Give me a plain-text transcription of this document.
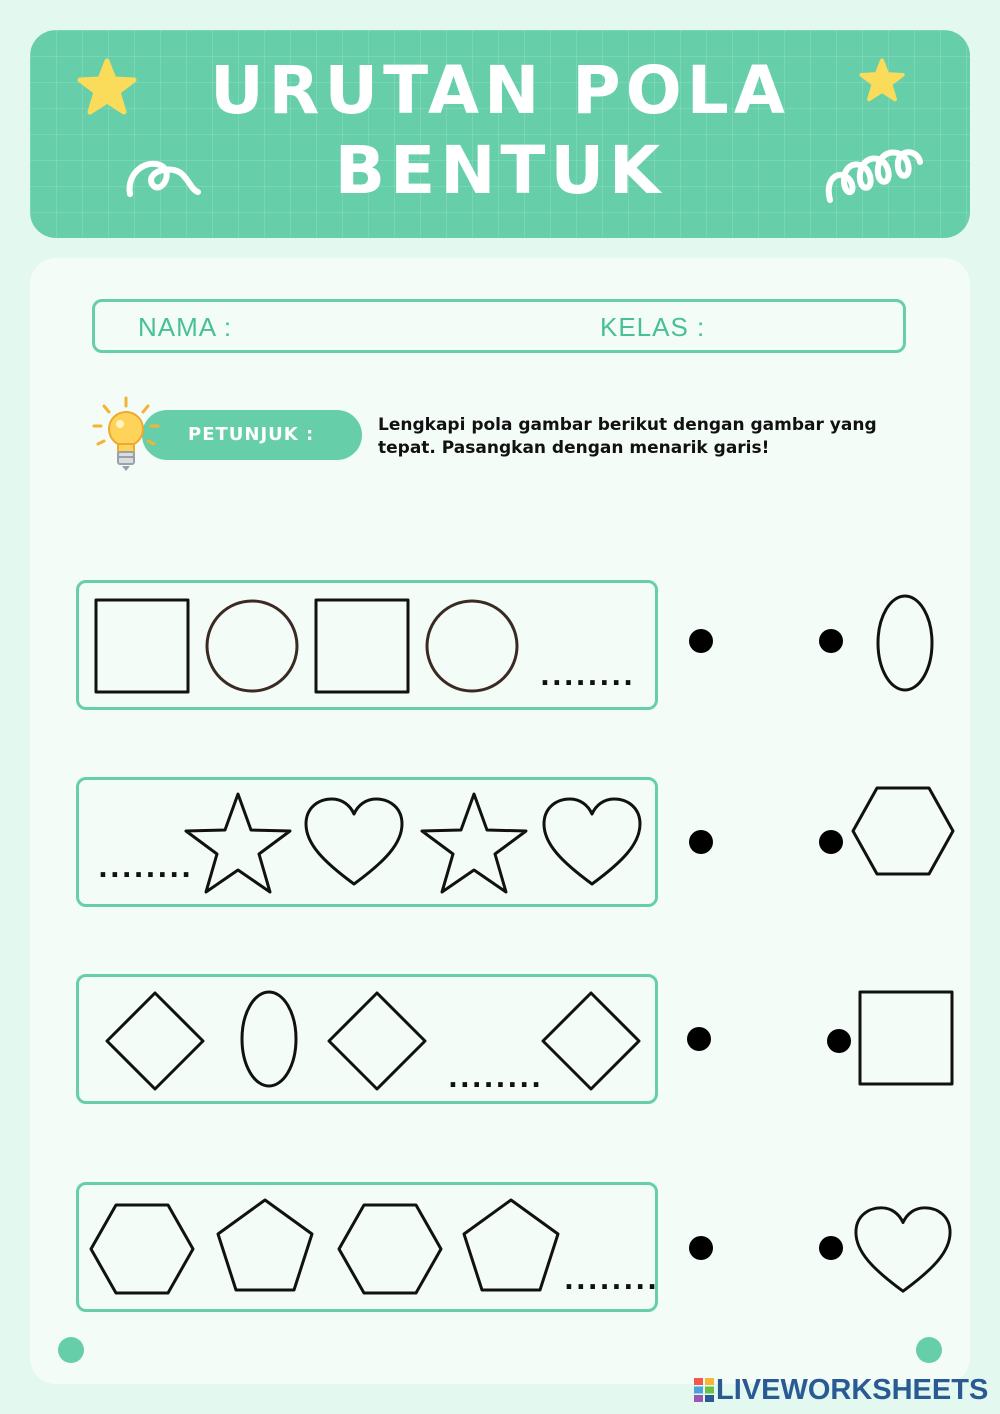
URUTAN POLA
BENTUK
NAMA :	KELAS :
PETUNJUK :	Lengkapi pola gambar berikut dengan gambar yang
tepat. Pasangkan dengan menarik garis!
........
........
........
........
LIVEWORKSHEETS
